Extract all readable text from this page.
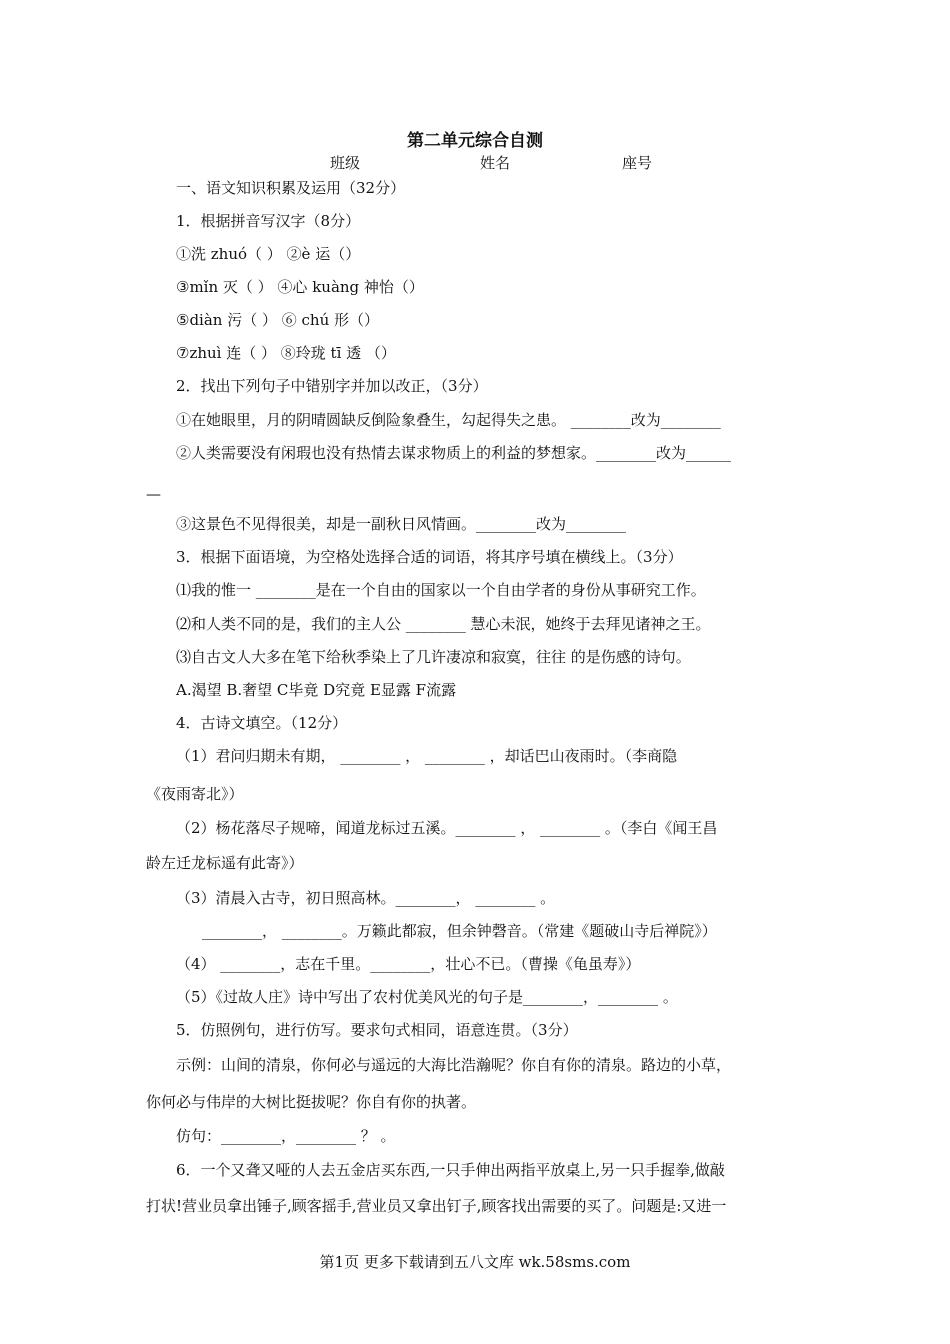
第二单元综合自测
班级	姓名	座号
一、语文知识积累及运用（32分）
1．根据拼音写汉字（8分）
①洗 zhuó（ ） ②è 运（）
③mǐn 灭（ ） ④心 kuàng 神怡（）
⑤diàn 污（ ） ⑥ chú 形（）
⑦zhuì 连（ ） ⑧玲珑 tī 透 （）
2．找出下列句子中错别字并加以改正，（3分）
①在她眼里，月的阴晴圆缺反倒险象叠生，勾起得失之患。 ________改为________
②人类需要没有闲瑕也没有热情去谋求物质上的利益的梦想家。________改为______
—
③这景色不见得很美，却是一副秋日风情画。________改为________
3．根据下面语境，为空格处选择合适的词语，将其序号填在横线上。（3分）
⑴我的惟一 ________是在一个自由的国家以一个自由学者的身份从事研究工作。
⑵和人类不同的是，我们的主人公 ________ 慧心未泯，她终于去拜见诸神之王。
⑶自古文人大多在笔下给秋季染上了几许凄凉和寂寞，往往 的是伤感的诗句。
A.渴望 B.奢望 C毕竟 D究竟 E显露 F流露
4．古诗文填空。（12分）
（1）君问归期未有期， ________ ， ________ ，却话巴山夜雨时。（李商隐
《夜雨寄北》）
（2）杨花落尽子规啼，闻道龙标过五溪。________ ， ________ 。（李白《闻王昌
龄左迁龙标遥有此寄》）
（3）清晨入古寺，初日照高林。________， ________ 。
________， ________。万籁此都寂，但余钟磬音。（常建《题破山寺后禅院》）
（4） ________，志在千里。________，壮心不已。（曹操《龟虽寿》）
（5）《过故人庄》诗中写出了农村优美风光的句子是________，________ 。
5．仿照例句，进行仿写。要求句式相同，语意连贯。（3分）
示例：山间的清泉，你何必与遥远的大海比浩瀚呢？你自有你的清泉。路边的小草，
你何必与伟岸的大树比挺拔呢？你自有你的执著。
仿句：________，________ ？ 。
6．一个又聋又哑的人去五金店买东西,一只手伸出两指平放桌上,另一只手握拳,做敲
打状!营业员拿出锤子,顾客摇手,营业员又拿出钉子,顾客找出需要的买了。问题是:又进一
第1页 更多下载请到五八文库 wk.58sms.com
